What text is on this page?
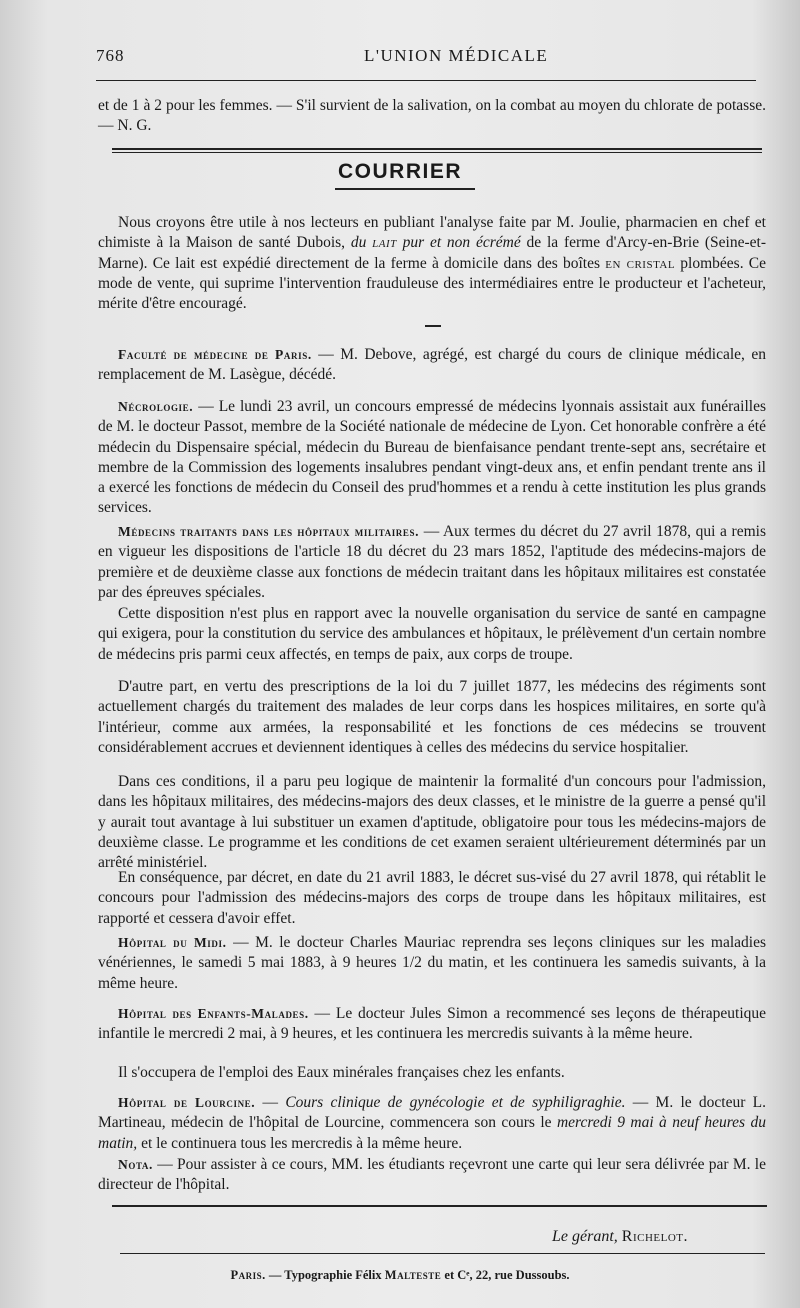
768	L'UNION MÉDICALE

et de 1 à 2 pour les femmes. — S'il survient de la salivation, on la combat au moyen du chlorate de potasse. — N. G.

COURRIER

Nous croyons être utile à nos lecteurs en publiant l'analyse faite par M. Joulie, pharmacien en chef et chimiste à la Maison de santé Dubois, du lait pur et non écrémé de la ferme d'Arcy-en-Brie (Seine-et-Marne). Ce lait est expédié directement de la ferme à domicile dans des boîtes en cristal plombées. Ce mode de vente, qui suprime l'intervention frauduleuse des intermédiaires entre le producteur et l'acheteur, mérite d'être encouragé.

Faculté de médecine de Paris. — M. Debove, agrégé, est chargé du cours de clinique médicale, en remplacement de M. Lasègue, décédé.

Nécrologie. — Le lundi 23 avril, un concours empressé de médecins lyonnais assistait aux funérailles de M. le docteur Passot, membre de la Société nationale de médecine de Lyon. Cet honorable confrère a été médecin du Dispensaire spécial, médecin du Bureau de bienfaisance pendant trente-sept ans, secrétaire et membre de la Commission des logements insalubres pendant vingt-deux ans, et enfin pendant trente ans il a exercé les fonctions de médecin du Conseil des prud'hommes et a rendu à cette institution les plus grands services.

Médecins traitants dans les hôpitaux militaires. — Aux termes du décret du 27 avril 1878, qui a remis en vigueur les dispositions de l'article 18 du décret du 23 mars 1852, l'aptitude des médecins-majors de première et de deuxième classe aux fonctions de médecin traitant dans les hôpitaux militaires est constatée par des épreuves spéciales.

Cette disposition n'est plus en rapport avec la nouvelle organisation du service de santé en campagne qui exigera, pour la constitution du service des ambulances et hôpitaux, le prélèvement d'un certain nombre de médecins pris parmi ceux affectés, en temps de paix, aux corps de troupe.

D'autre part, en vertu des prescriptions de la loi du 7 juillet 1877, les médecins des régiments sont actuellement chargés du traitement des malades de leur corps dans les hospices militaires, en sorte qu'à l'intérieur, comme aux armées, la responsabilité et les fonctions de ces médecins se trouvent considérablement accrues et deviennent identiques à celles des médecins du service hospitalier.

Dans ces conditions, il a paru peu logique de maintenir la formalité d'un concours pour l'admission, dans les hôpitaux militaires, des médecins-majors des deux classes, et le ministre de la guerre a pensé qu'il y aurait tout avantage à lui substituer un examen d'aptitude, obligatoire pour tous les médecins-majors de deuxième classe. Le programme et les conditions de cet examen seraient ultérieurement déterminés par un arrêté ministériel.

En conséquence, par décret, en date du 21 avril 1883, le décret sus-visé du 27 avril 1878, qui rétablit le concours pour l'admission des médecins-majors des corps de troupe dans les hôpitaux militaires, est rapporté et cessera d'avoir effet.

Hôpital du Midi. — M. le docteur Charles Mauriac reprendra ses leçons cliniques sur les maladies vénériennes, le samedi 5 mai 1883, à 9 heures 1/2 du matin, et les continuera les samedis suivants, à la même heure.

Hôpital des Enfants-Malades. — Le docteur Jules Simon a recommencé ses leçons de thérapeutique infantile le mercredi 2 mai, à 9 heures, et les continuera les mercredis suivants à la même heure.

Il s'occupera de l'emploi des Eaux minérales françaises chez les enfants.

Hôpital de Lourcine. — Cours clinique de gynécologie et de syphiligraghie. — M. le docteur L. Martineau, médecin de l'hôpital de Lourcine, commencera son cours le mercredi 9 mai à neuf heures du matin, et le continuera tous les mercredis à la même heure.

Nota. — Pour assister à ce cours, MM. les étudiants reçevront une carte qui leur sera délivrée par M. le directeur de l'hôpital.

Le gérant, Richelot.
Paris. — Typographie Félix Malteste et Cᵉ, 22, rue Dussoubs.
